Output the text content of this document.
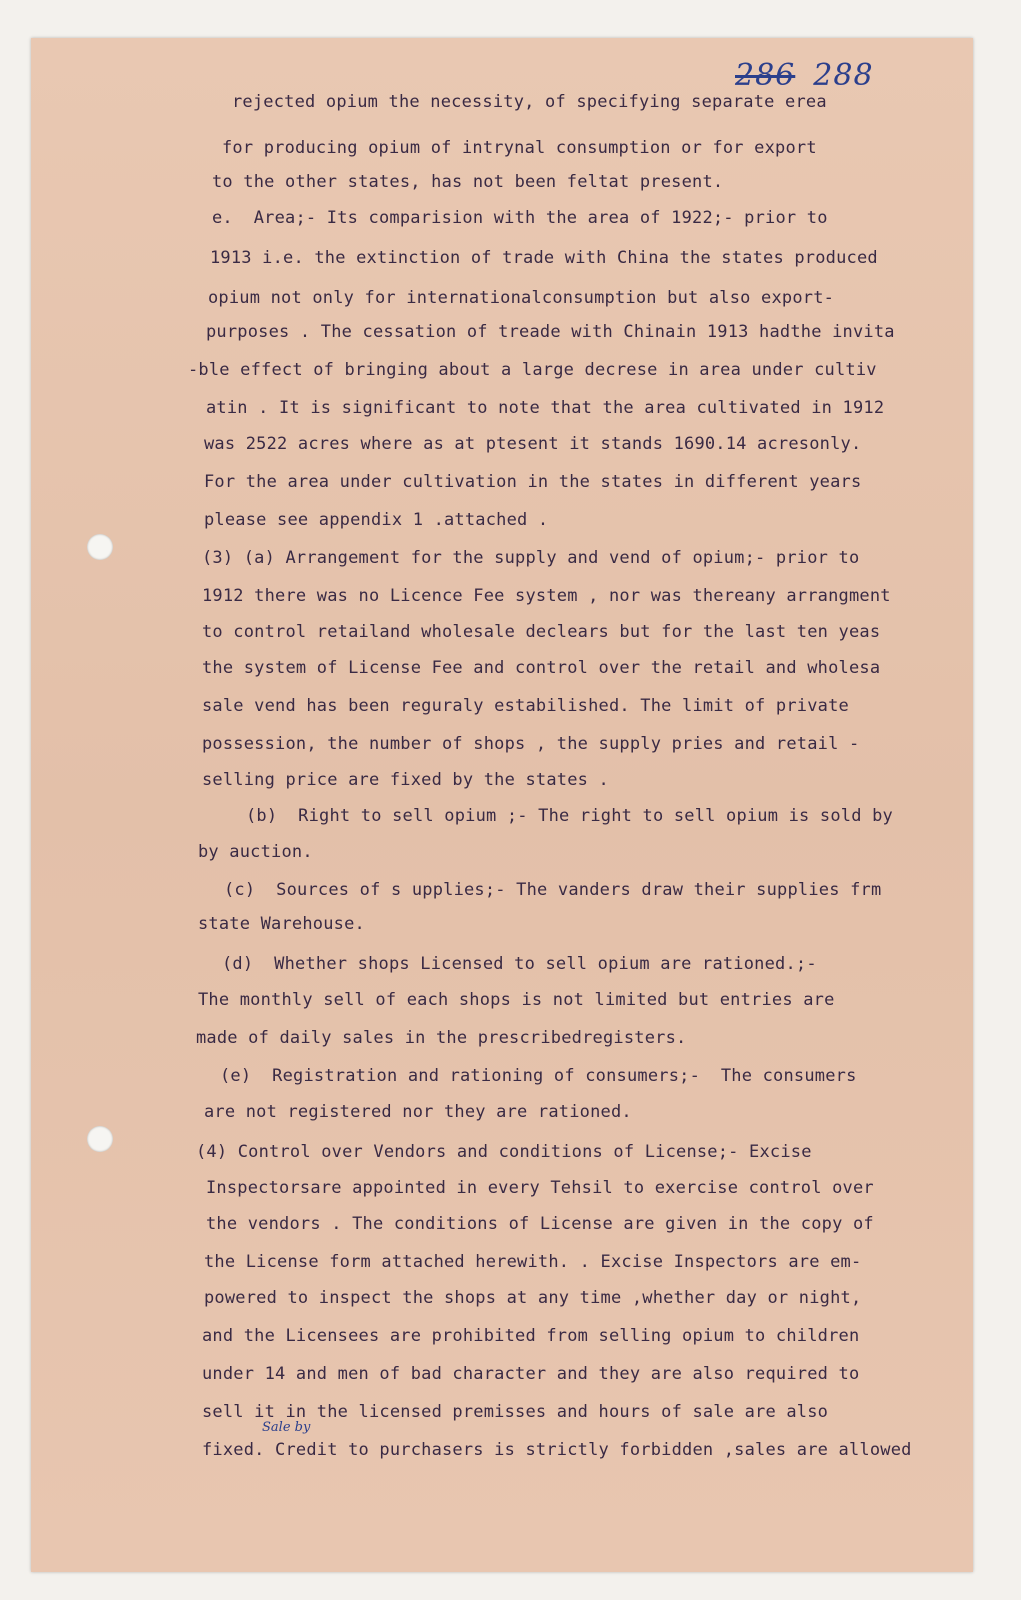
286 288
rejected opium the necessity, of specifying separate erea
for producing opium of intrynal consumption or for export
to the other states, has not been feltat present.
e.  Area;- Its comparision with the area of 1922;- prior to
1913 i.e. the extinction of trade with China the states produced
opium not only for internationalconsumption but also export-
purposes . The cessation of treade with Chinain 1913 hadthe invita
-ble effect of bringing about a large decrese in area under cultiv
atin . It is significant to note that the area cultivated in 1912
was 2522 acres where as at ptesent it stands 1690.14 acresonly.
For the area under cultivation in the states in different years
please see appendix 1 .attached .
(3) (a) Arrangement for the supply and vend of opium;- prior to
1912 there was no Licence Fee system , nor was thereany arrangment
to control retailand wholesale declears but for the last ten yeas
the system of License Fee and control over the retail and wholesa
sale vend has been reguraly estabilished. The limit of private
possession, the number of shops , the supply pries and retail -
selling price are fixed by the states .
(b)  Right to sell opium ;- The right to sell opium is sold by
by auction.
(c)  Sources of s upplies;- The vanders draw their supplies frm
state Warehouse.
(d)  Whether shops Licensed to sell opium are rationed.;-
The monthly sell of each shops is not limited but entries are
made of daily sales in the prescribedregisters.
(e)  Registration and rationing of consumers;-  The consumers
are not registered nor they are rationed.
(4) Control over Vendors and conditions of License;- Excise
Inspectorsare appointed in every Tehsil to exercise control over
the vendors . The conditions of License are given in the copy of
the License form attached herewith. . Excise Inspectors are em-
powered to inspect the shops at any time ,whether day or night,
and the Licensees are prohibited from selling opium to children
under 14 and men of bad character and they are also required to
sell it in the licensed premisses and hours of sale are also
fixed. Credit to purchasers is strictly forbidden ,sales are allowed
Sale by
